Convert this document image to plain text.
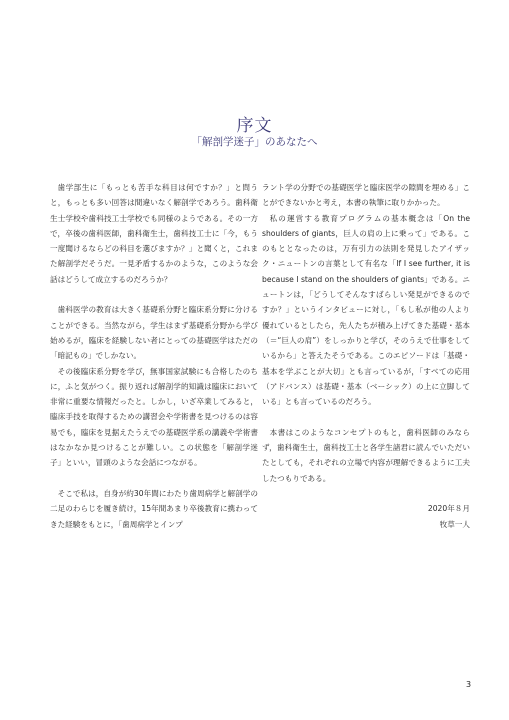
序文
「解剖学迷子」のあなたへ

歯学部生に「もっとも苦手な科目は何ですか？」と問うと，もっとも多い回答は間違いなく解剖学であろう。歯科衛生士学校や歯科技工士学校でも同様のようである。その一方で，卒後の歯科医師，歯科衛生士，歯科技工士に「今，もう一度聞けるならどの科目を選びますか？」と聞くと，これまた解剖学だそうだ。一見矛盾するかのような，このような会話はどうして成立するのだろうか？

歯科医学の教育は大きく基礎系分野と臨床系分野に分けることができる。当然ながら，学生はまず基礎系分野から学び始めるが，臨床を経験しない者にとっての基礎医学はただの「暗記もの」でしかない。

その後臨床系分野を学び，無事国家試験にも合格したのちに，ふと気がつく。振り返れば解剖学的知識は臨床において非常に重要な情報だったと。しかし，いざ卒業してみると，臨床手技を取得するための講習会や学術書を見つけるのは容易でも，臨床を見据えたうえでの基礎医学系の講義や学術書はなかなか見つけることが難しい。この状態を「解剖学迷子」といい，冒頭のような会話につながる。

そこで私は，自身が約30年間にわたり歯周病学と解剖学の二足のわらじを履き続け，15年間あまり卒後教育に携わってきた経験をもとに，「歯周病学とインプ

ラント学の分野での基礎医学と臨床医学の隙間を埋める」ことができないかと考え，本書の執筆に取りかかった。

私の運営する教育プログラムの基本概念は「On the shoulders of giants，巨人の肩の上に乗って」である。このもととなったのは，万有引力の法則を発見したアイザック・ニュートンの言葉として有名な「If I see further, it is because I stand on the shoulders of giants」である。ニュートンは，「どうしてそんなすばらしい発見ができるのですか？」というインタビューに対し，「もし私が他の人より優れているとしたら，先人たちが積み上げてきた基礎・基本（＝“巨人の肩”）をしっかりと学び，そのうえで仕事をしているから」と答えたそうである。このエピソードは「基礎・基本を学ぶことが大切」とも言っているが，「すべての応用（アドバンス）は基礎・基本（ベーシック）の上に立脚している」とも言っているのだろう。

本書はこのようなコンセプトのもと，歯科医師のみならず，歯科衛生士，歯科技工士と各学生諸君に読んでいただいたとしても，それぞれの立場で内容が理解できるように工夫したつもりである。

2020年８月

牧草一人

3
